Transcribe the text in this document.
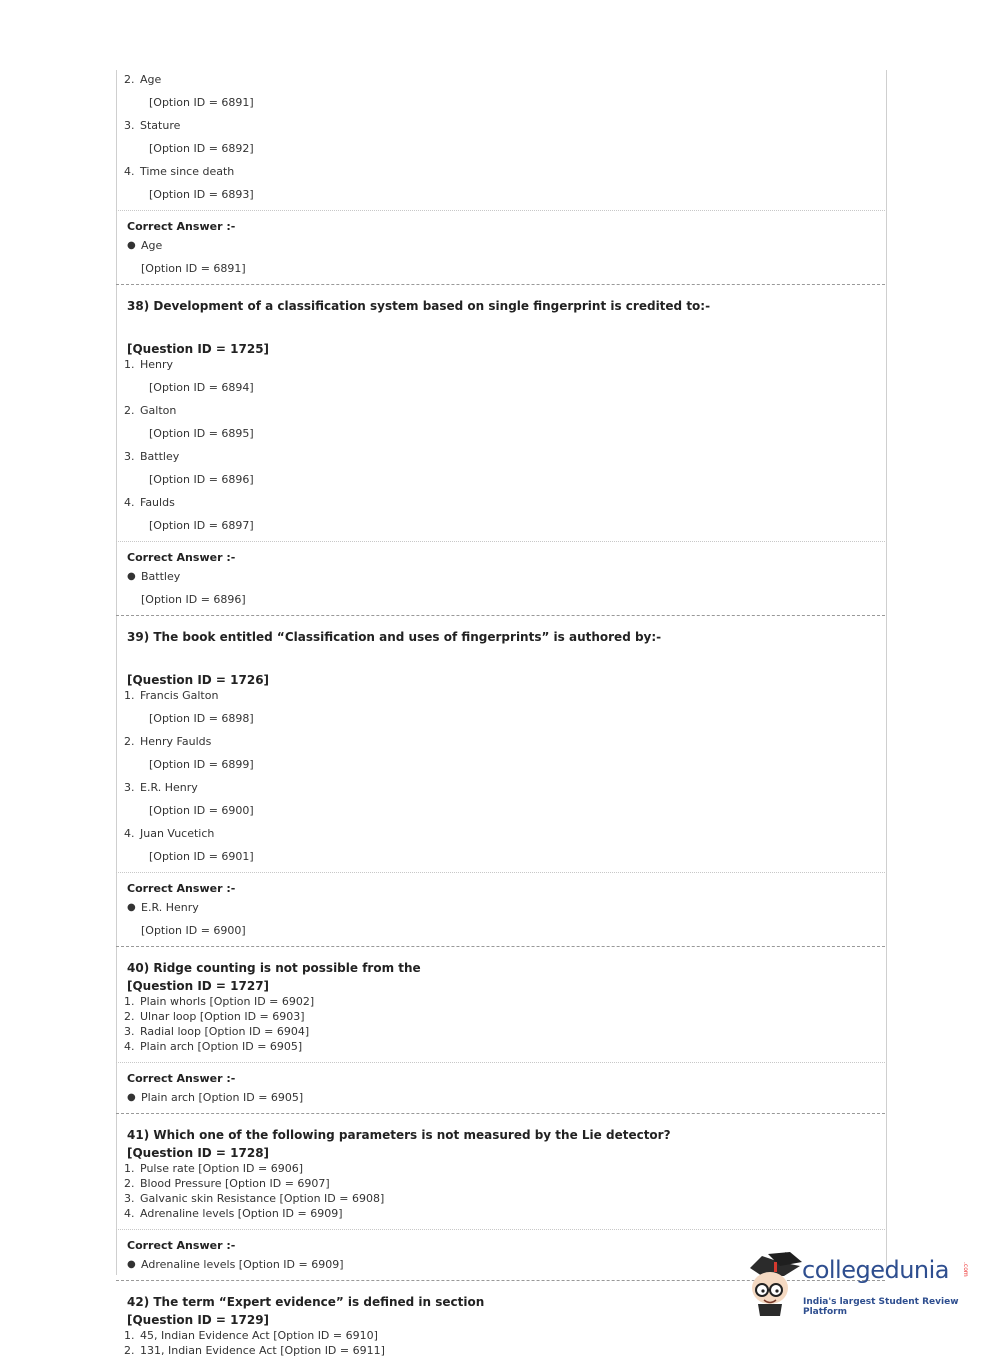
2. Age
[Option ID = 6891]
3. Stature
[Option ID = 6892]
4. Time since death
[Option ID = 6893]
Correct Answer :-
● Age
[Option ID = 6891]
38) Development of a classification system based on single fingerprint is credited to:-
[Question ID = 1725]
1. Henry
[Option ID = 6894]
2. Galton
[Option ID = 6895]
3. Battley
[Option ID = 6896]
4. Faulds
[Option ID = 6897]
Correct Answer :-
● Battley
[Option ID = 6896]
39) The book entitled “Classification and uses of fingerprints” is authored by:-
[Question ID = 1726]
1. Francis Galton
[Option ID = 6898]
2. Henry Faulds
[Option ID = 6899]
3. E.R. Henry
[Option ID = 6900]
4. Juan Vucetich
[Option ID = 6901]
Correct Answer :-
● E.R. Henry
[Option ID = 6900]
40) Ridge counting is not possible from the
[Question ID = 1727]
1. Plain whorls [Option ID = 6902]
2. Ulnar loop [Option ID = 6903]
3. Radial loop [Option ID = 6904]
4. Plain arch [Option ID = 6905]
Correct Answer :-
● Plain arch [Option ID = 6905]
41) Which one of the following parameters is not measured by the Lie detector?
[Question ID = 1728]
1. Pulse rate [Option ID = 6906]
2. Blood Pressure [Option ID = 6907]
3. Galvanic skin Resistance [Option ID = 6908]
4. Adrenaline levels [Option ID = 6909]
Correct Answer :-
● Adrenaline levels [Option ID = 6909]
42) The term “Expert evidence” is defined in section
[Question ID = 1729]
1. 45, Indian Evidence Act [Option ID = 6910]
2. 131, Indian Evidence Act [Option ID = 6911]
collegedunia .com
India's largest Student Review Platform
